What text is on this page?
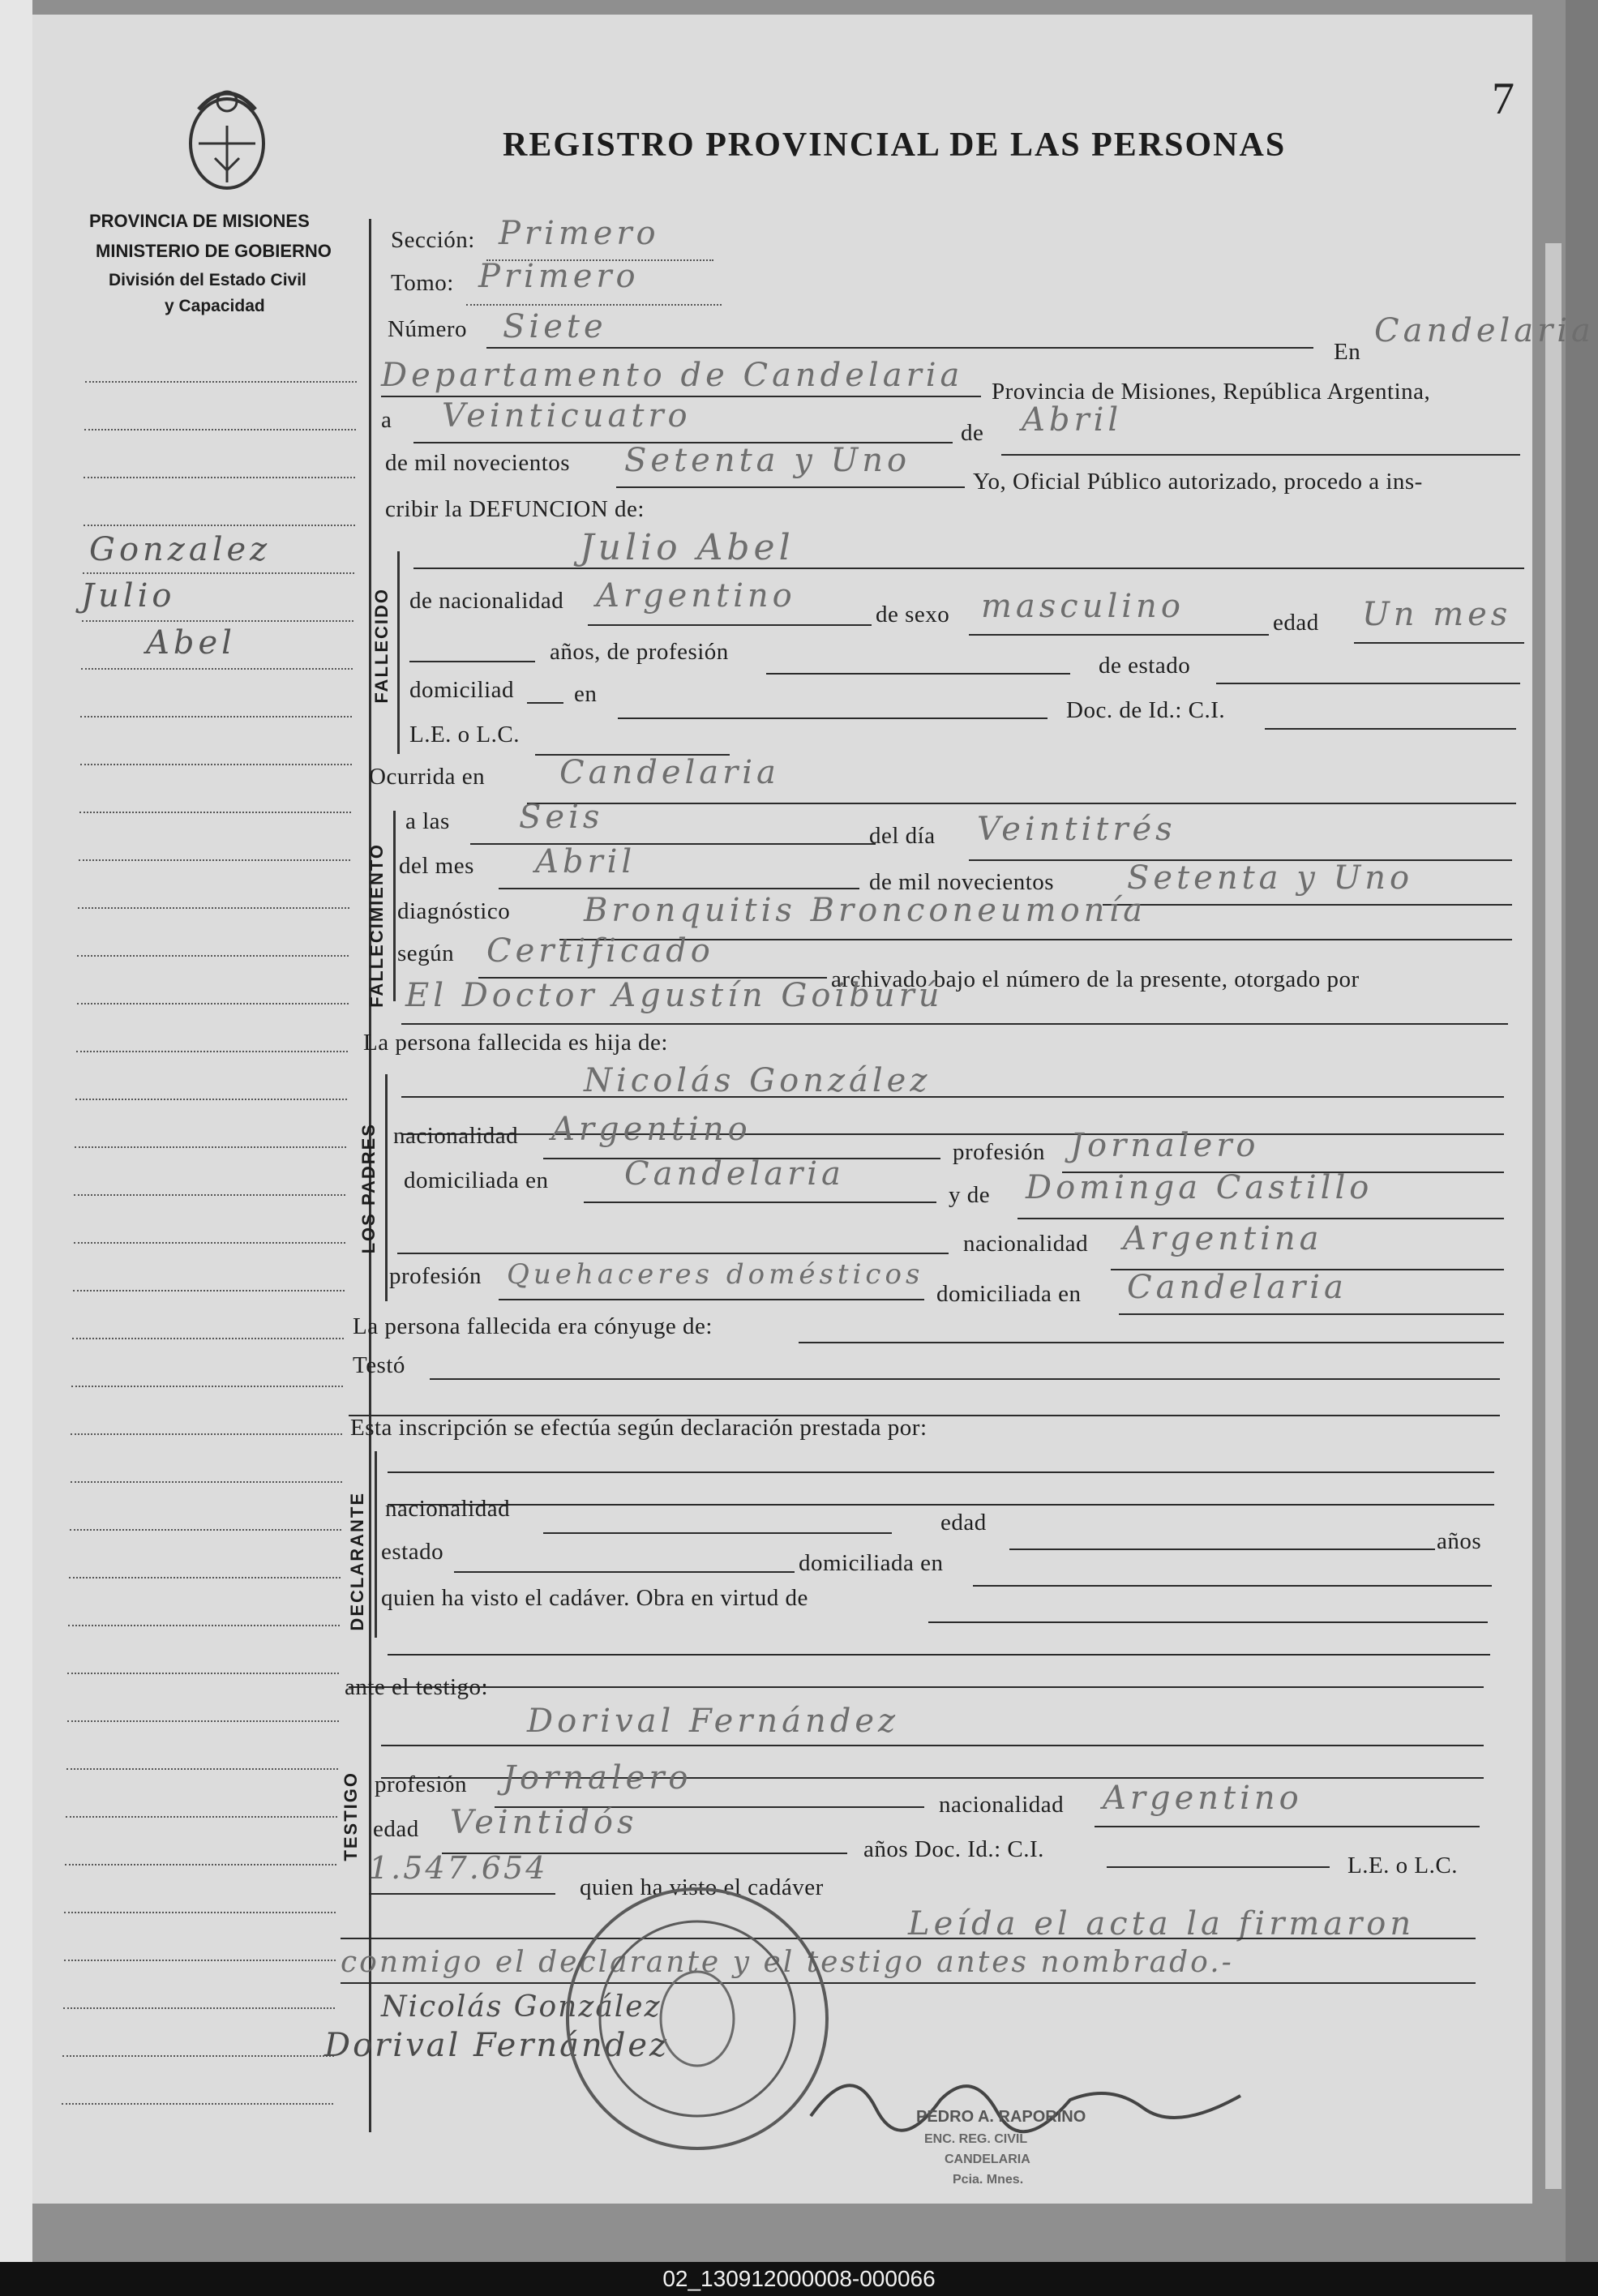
PROVINCIA DE MISIONES
MINISTERIO DE GOBIERNO
División del Estado Civil
y Capacidad
REGISTRO PROVINCIAL DE LAS PERSONAS
7
Gonzalez
Julio
Abel
Sección: Primero
Tomo: Primero
Número Siete
En
Candelaria
Departamento de Candelaria Provincia de Misiones, República Argentina,
a Veinticuatro	de Abril
de mil novecientos Setenta y Uno
Yo, Oficial Público autorizado, procedo a ins-
cribir la DEFUNCION de:
FALLECIDO
Julio Abel
de nacionalidad Argentino	de sexo masculino	edad Un mes
años, de profesión
de estado
domiciliad	en
Doc. de Id.: C.I.
L.E. o L.C.
Ocurrida en Candelaria
FALLECIMIENTO
a las Seis	del día Veintitrés
del mes Abril
de mil novecientos Setenta y Uno
diagnóstico Bronquitis Bronconeumonía
según Certificado
archivado bajo el número de la presente, otorgado por
El Doctor Agustín Goiburú
La persona fallecida es hija de:
LOS PADRES
Nicolás González
nacionalidad Argentino
profesión Jornalero
domiciliada en Candelaria
y de Dominga Castillo
nacionalidad Argentina
profesión Quehaceres domésticos
domiciliada en Candelaria
La persona fallecida era cónyuge de:
Testó
Esta inscripción se efectúa según declaración prestada por:
DECLARANTE nacionalidad
edad
años
estado	domiciliada en
quien ha visto el cadáver. Obra en virtud de
ante el testigo:
TESTIGO
Dorival Fernández
profesión Jornalero
nacionalidad Argentino
edad Veintidós
años Doc. Id.: C.I.
L.E. o L.C.
1.547.654
quien ha visto el cadáver
Leída el acta la firmaron
conmigo el declarante y el testigo antes nombrado.-
Nicolás González
Dorival Fernández
PEDRO A. RAPORINO
ENC. REG. CIVIL
CANDELARIA
Pcia. Mnes.
02_130912000008-000066
